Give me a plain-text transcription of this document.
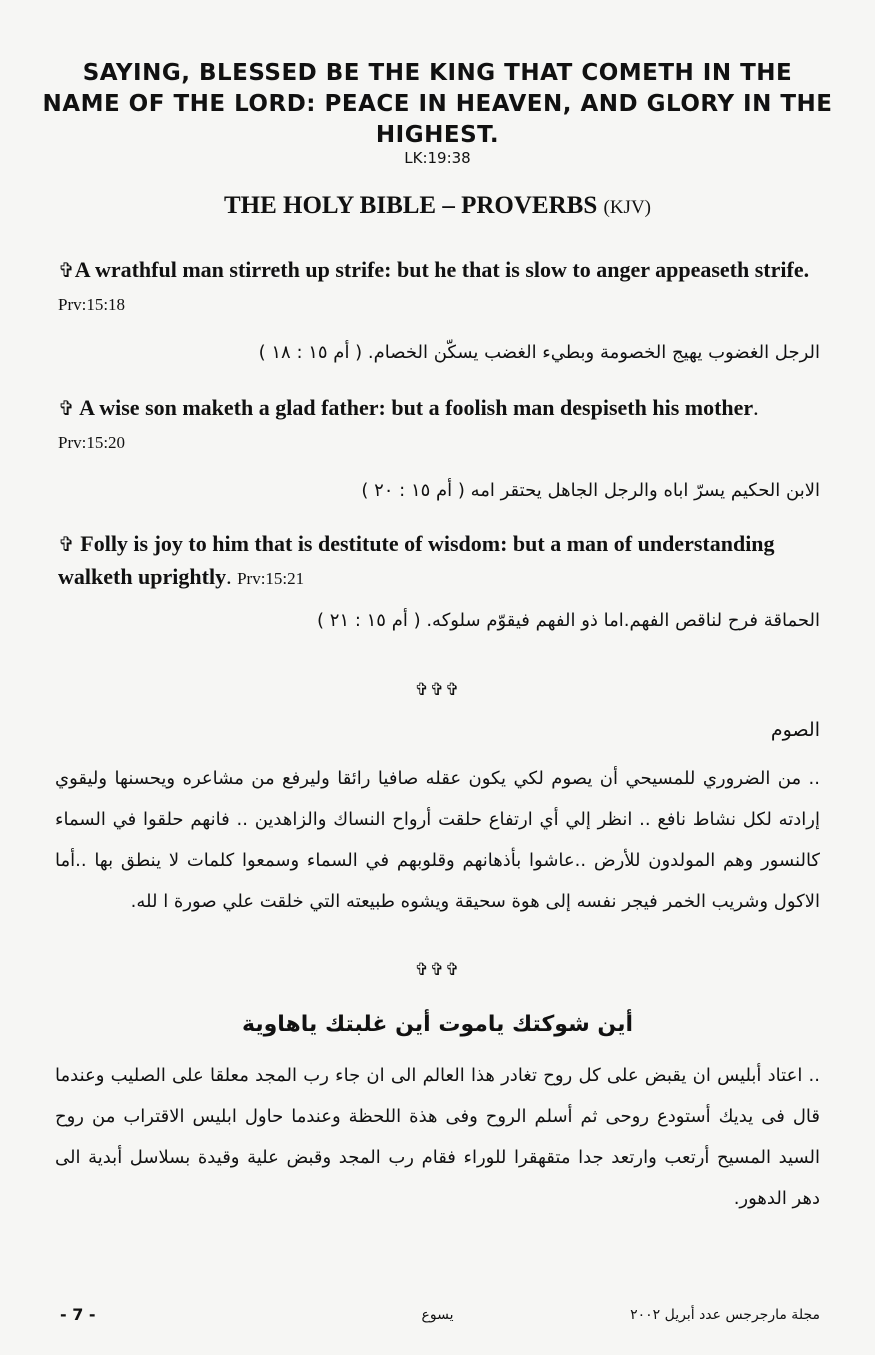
SAYING, BLESSED BE THE KING THAT COMETH IN THE NAME OF THE LORD: PEACE IN HEAVEN, AND GLORY IN THE HIGHEST.
LK:19:38
THE HOLY BIBLE – PROVERBS (KJV)
✞A wrathful man stirreth up strife: but he that is slow to anger appeaseth strife. Prv:15:18
الرجل الغضوب يهيج الخصومة وبطيء الغضب يسكّن الخصام. ( أم ١٥ : ١٨ )
✞ A wise son maketh a glad father: but a foolish man despiseth his mother. Prv:15:20
الابن الحكيم يسرّ اباه والرجل الجاهل يحتقر امه ( أم ١٥ : ٢٠ )
✞ Folly is joy to him that is destitute of wisdom: but a man of understanding walketh uprightly. Prv:15:21
الحماقة فرح لناقص الفهم.اما ذو الفهم فيقوّم سلوكه. ( أم ١٥ : ٢١ )
✞✞✞
الصوم
.. من الضروري للمسيحي أن يصوم لكي يكون عقله صافيا رائقا وليرفع من مشاعره ويحسنها وليقوي إرادته لكل نشاط نافع .. انظر إلي أي ارتفاع حلقت أرواح النساك والزاهدين .. فانهم حلقوا في السماء كالنسور وهم المولدون للأرض ..عاشوا بأذهانهم وقلوبهم في السماء وسمعوا كلمات لا ينطق بها ..أما الاكول وشريب الخمر فيجر نفسه إلى هوة سحيقة ويشوه طبيعته التي خلقت علي صورة ا لله.
✞✞✞
أين شوكتك ياموت أين غلبتك ياهاوية
.. اعتاد أبليس ان يقبض على كل روح تغادر هذا العالم الى ان جاء رب المجد معلقا على الصليب وعندما قال فى يديك أستودع روحى ثم أسلم الروح وفى هذة اللحظة وعندما حاول ابليس الاقتراب من روح السيد المسيح أرتعب وارتعد جدا متقهقرا للوراء فقام رب المجد وقبض علية وقيدة بسلاسل أبدية الى دهر الدهور.
- 7 -	يسوع	مجلة مارجرجس عدد أبريل ٢٠٠٢
